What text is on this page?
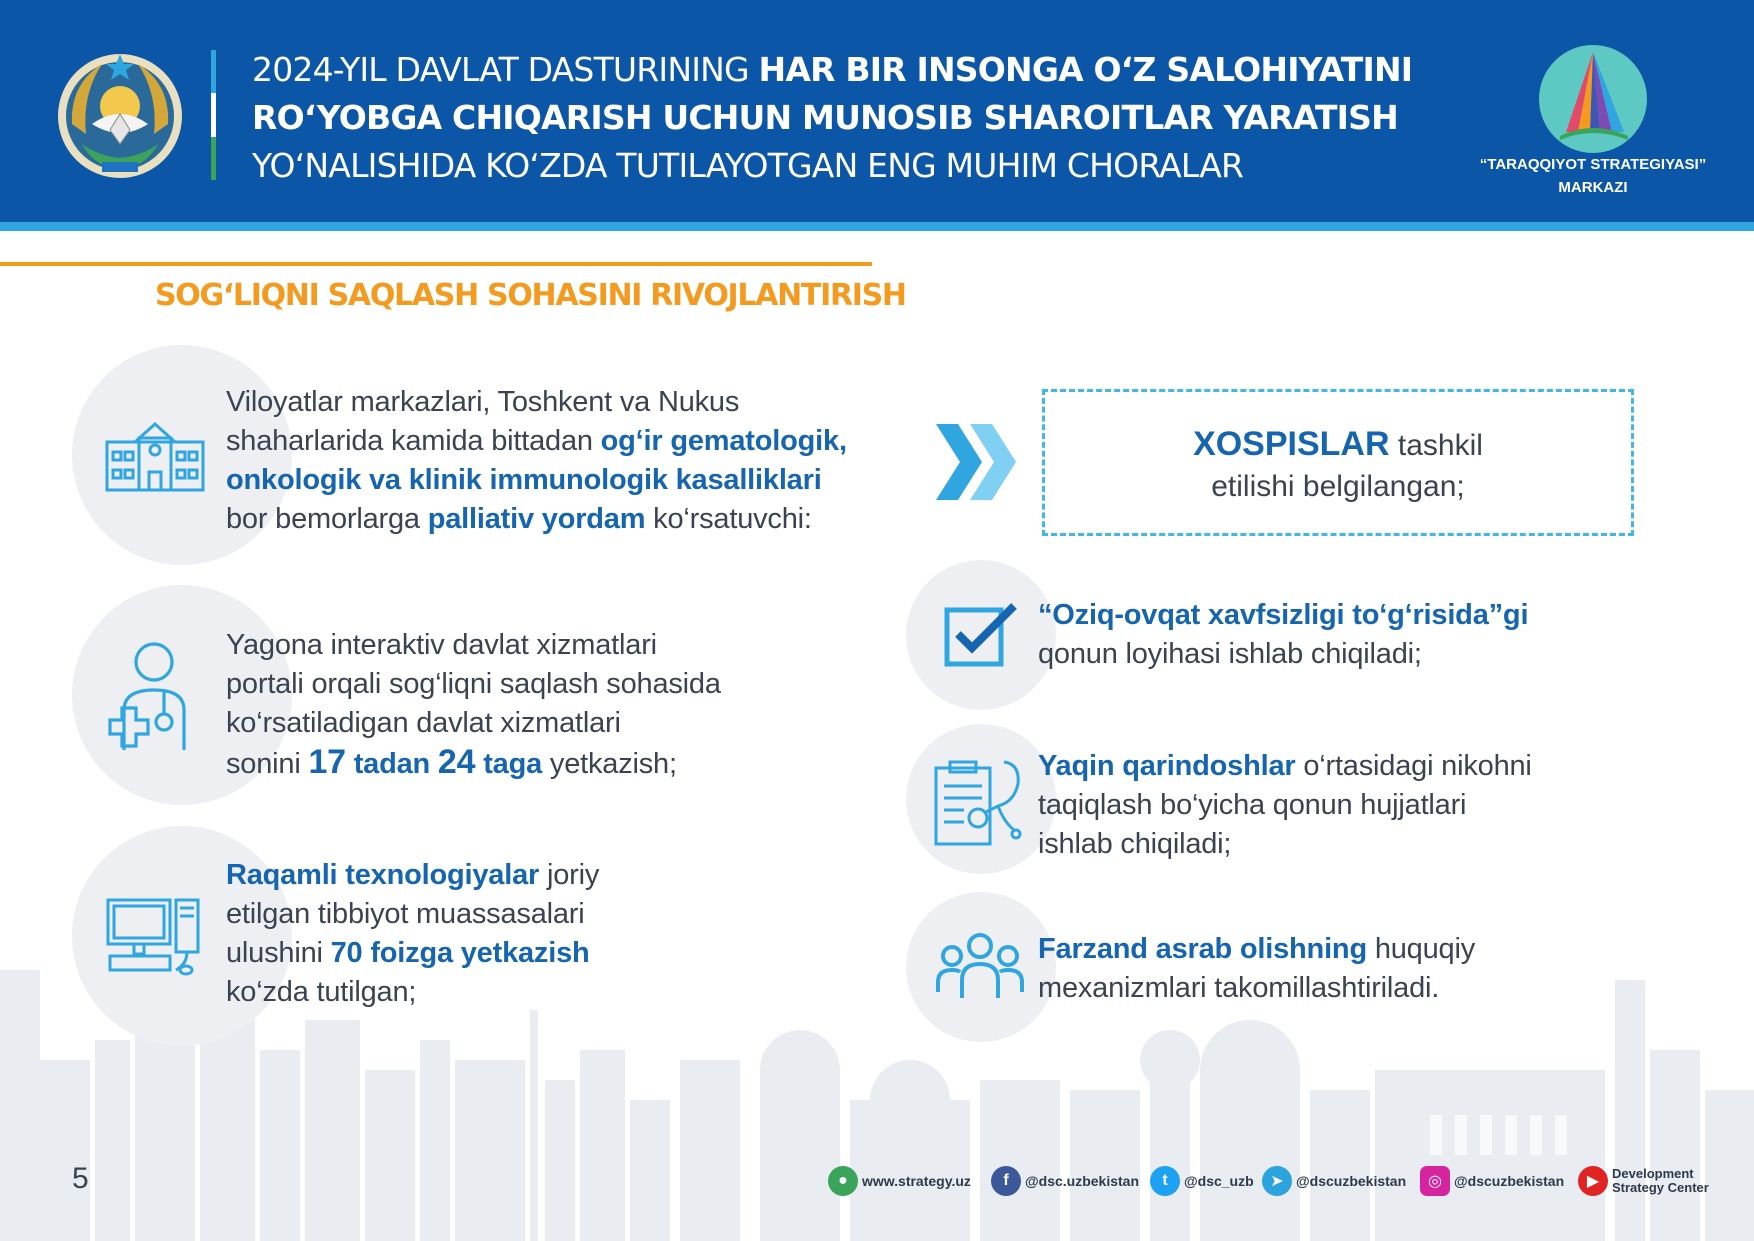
2024-YIL DAVLAT DASTURINING HAR BIR INSONGA O‘Z SALOHIYATINI
RO‘YOBGA CHIQARISH UCHUN MUNOSIB SHAROITLAR YARATISH
YO‘NALISHIDA KO‘ZDA TUTILAYOTGAN ENG MUHIM CHORALAR	“TARAQQIYOT STRATEGIYASI”
MARKAZI
SOG‘LIQNI SAQLASH SOHASINI RIVOJLANTIRISH
Viloyatlar markazlari, Toshkent va Nukus
shaharlarida kamida bittadan og‘ir gematologik,
onkologik va klinik immunologik kasalliklari
bor bemorlarga palliativ yordam ko‘rsatuvchi:
Yagona interaktiv davlat xizmatlari
portali orqali sog‘liqni saqlash sohasida
ko‘rsatiladigan davlat xizmatlari
sonini 17 tadan 24 taga yetkazish;
Raqamli texnologiyalar joriy
etilgan tibbiyot muassasalari
ulushini 70 foizga yetkazish
ko‘zda tutilgan;
XOSPISLAR tashkil
etilishi belgilangan;
“Oziq-ovqat xavfsizligi to‘g‘risida”gi
qonun loyihasi ishlab chiqiladi;
Yaqin qarindoshlar o‘rtasidagi nikohni
taqiqlash bo‘yicha qonun hujjatlari
ishlab chiqiladi;
Farzand asrab olishning huquqiy
mexanizmlari takomillashtiriladi.
5	●	www.strategy.uz	f	@dsc.uzbekistan	t	@dsc_uzb	➤ @dscuzbekistan	◎ @dscuzbekistan	▶ Development
Strategy Center
